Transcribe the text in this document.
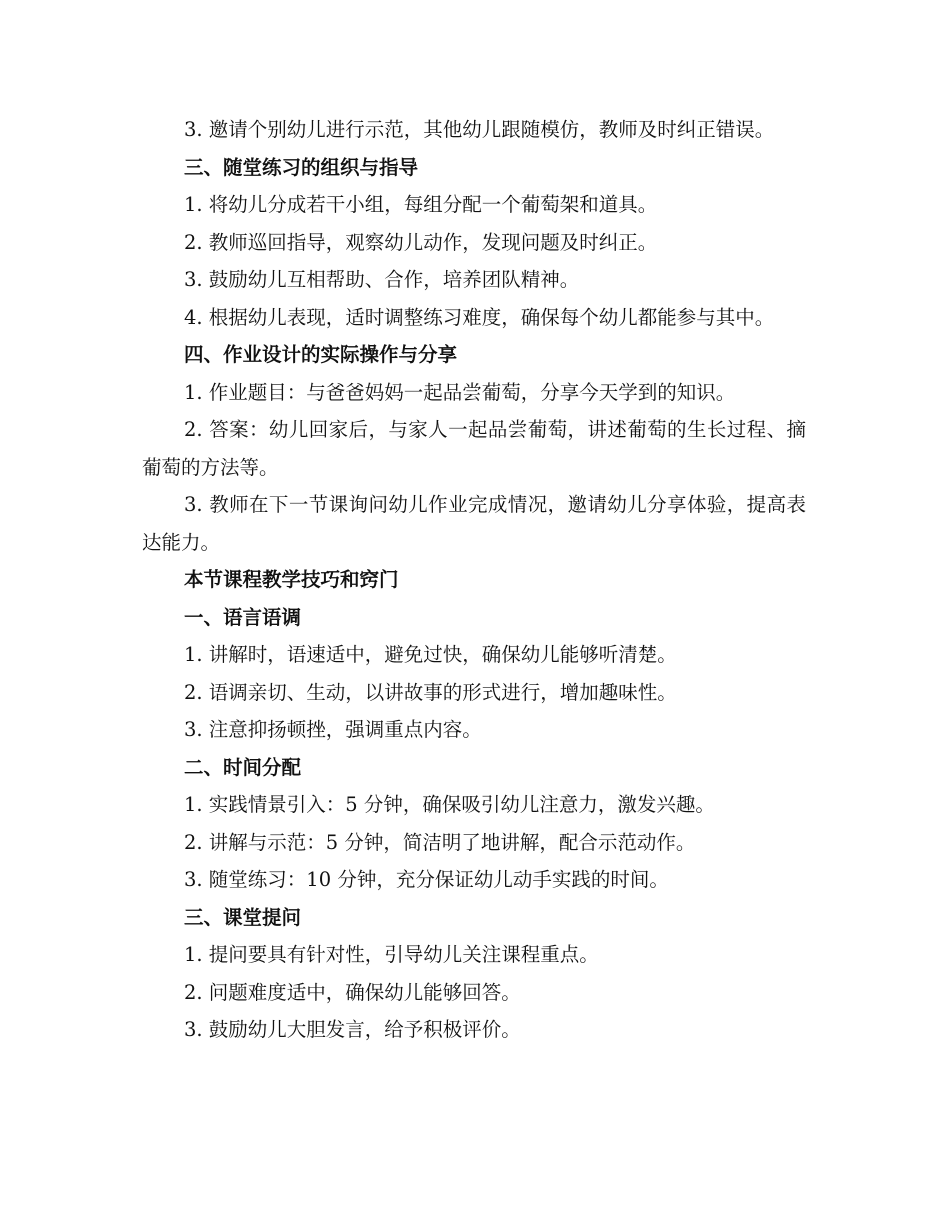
3. 邀请个别幼儿进行示范，其他幼儿跟随模仿，教师及时纠正错误。

三、随堂练习的组织与指导

1. 将幼儿分成若干小组，每组分配一个葡萄架和道具。

2. 教师巡回指导，观察幼儿动作，发现问题及时纠正。

3. 鼓励幼儿互相帮助、合作，培养团队精神。

4. 根据幼儿表现，适时调整练习难度，确保每个幼儿都能参与其中。

四、作业设计的实际操作与分享

1. 作业题目：与爸爸妈妈一起品尝葡萄，分享今天学到的知识。

2. 答案：幼儿回家后，与家人一起品尝葡萄，讲述葡萄的生长过程、摘葡萄的方法等。

3. 教师在下一节课询问幼儿作业完成情况，邀请幼儿分享体验，提高表达能力。

本节课程教学技巧和窍门
一、语言语调

1. 讲解时，语速适中，避免过快，确保幼儿能够听清楚。

2. 语调亲切、生动，以讲故事的形式进行，增加趣味性。

3. 注意抑扬顿挫，强调重点内容。

二、时间分配

1. 实践情景引入：5 分钟，确保吸引幼儿注意力，激发兴趣。

2. 讲解与示范：5 分钟，简洁明了地讲解，配合示范动作。

3. 随堂练习：10 分钟，充分保证幼儿动手实践的时间。

三、课堂提问

1. 提问要具有针对性，引导幼儿关注课程重点。

2. 问题难度适中，确保幼儿能够回答。

3. 鼓励幼儿大胆发言，给予积极评价。
